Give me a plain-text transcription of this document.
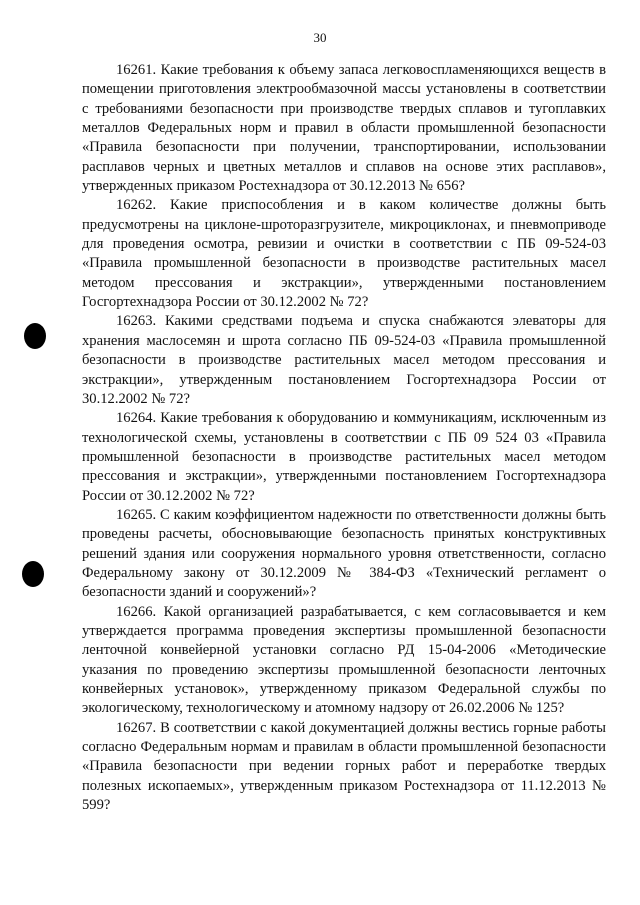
30

16261. Какие требования к объему запаса легковоспламеняющихся веществ в помещении приготовления электрообмазочной массы установлены в соответствии с требованиями безопасности при производстве твердых сплавов и тугоплавких металлов Федеральных норм и правил в области промышленной безопасности «Правила безопасности при получении, транспортировании, использовании расплавов черных и цветных металлов и сплавов на основе этих расплавов», утвержденных приказом Ростехнадзора от 30.12.2013 № 656?

16262. Какие приспособления и в каком количестве должны быть предусмотрены на циклоне-шроторазгрузителе, микроциклонах, и пневмоприводе для проведения осмотра, ревизии и очистки в соответствии с ПБ 09-524-03 «Правила промышленной безопасности в производстве растительных масел методом прессования и экстракции», утвержденными постановлением Госгортехнадзора России от 30.12.2002 № 72?

16263. Какими средствами подъема и спуска снабжаются элеваторы для хранения маслосемян и шрота согласно ПБ 09-524-03 «Правила промышленной безопасности в производстве растительных масел методом прессования и экстракции», утвержденным постановлением Госгортехнадзора России от 30.12.2002 № 72?

16264. Какие требования к оборудованию и коммуникациям, исключенным из технологической схемы, установлены в соответствии с ПБ 09 524 03 «Правила промышленной безопасности в производстве растительных масел методом прессования и экстракции», утвержденными постановлением Госгортехнадзора России от 30.12.2002 № 72?

16265. С каким коэффициентом надежности по ответственности должны быть проведены расчеты, обосновывающие безопасность принятых конструктивных решений здания или сооружения нормального уровня ответственности, согласно Федеральному закону от 30.12.2009 № 384-ФЗ «Технический регламент о безопасности зданий и сооружений»?

16266. Какой организацией разрабатывается, с кем согласовывается и кем утверждается программа проведения экспертизы промышленной безопасности ленточной конвейерной установки согласно РД 15-04-2006 «Методические указания по проведению экспертизы промышленной безопасности ленточных конвейерных установок», утвержденному приказом Федеральной службы по экологическому, технологическому и атомному надзору от 26.02.2006 № 125?

16267. В соответствии с какой документацией должны вестись горные работы согласно Федеральным нормам и правилам в области промышленной безопасности «Правила безопасности при ведении горных работ и переработке твердых полезных ископаемых», утвержденным приказом Ростехнадзора от 11.12.2013 № 599?
